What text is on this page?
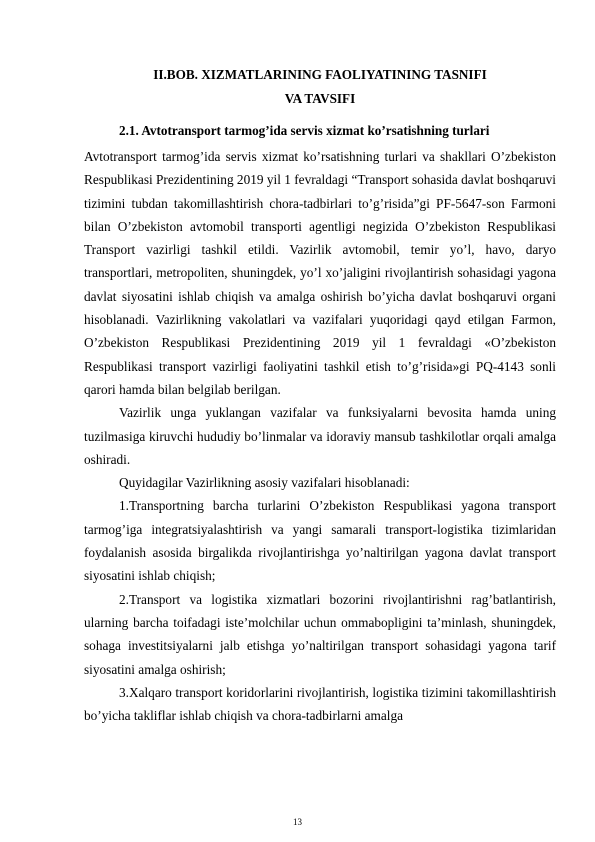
II.BOB. XIZMATLARINING FAOLIYATINING TASNIFI

VA TAVSIFI

2.1. Avtotransport tarmog’ida servis xizmat ko’rsatishning turlari

Avtotransport tarmog’ida servis xizmat ko’rsatishning turlari va shakllari O’zbekiston Respublikasi Prezidentining 2019 yil 1 fevraldagi “Transport sohasida davlat boshqaruvi tizimini tubdan takomillashtirish chora-tadbirlari to’g’risida”gi PF-5647-son Farmoni bilan O’zbekiston avtomobil transporti agentligi negizida O’zbekiston Respublikasi Transport vazirligi tashkil etildi. Vazirlik avtomobil, temir yo’l, havo, daryo transportlari, metropoliten, shuningdek, yo’l xo’jaligini rivojlantirish sohasidagi yagona davlat siyosatini ishlab chiqish va amalga oshirish bo’yicha davlat boshqaruvi organi hisoblanadi. Vazirlikning vakolatlari va vazifalari yuqoridagi qayd etilgan Farmon, O’zbekiston Respublikasi Prezidentining 2019 yil 1 fevraldagi «O’zbekiston Respublikasi transport vazirligi faoliyatini tashkil etish to’g’risida»gi PQ-4143 sonli qarori hamda bilan belgilab berilgan.

Vazirlik unga yuklangan vazifalar va funksiyalarni bevosita hamda uning tuzilmasiga kiruvchi hududiy bo’linmalar va idoraviy mansub tashkilotlar orqali amalga oshiradi.

Quyidagilar Vazirlikning asosiy vazifalari hisoblanadi:

1.Transportning barcha turlarini O’zbekiston Respublikasi yagona transport tarmog’iga integratsiyalashtirish va yangi samarali transport-logistika tizimlaridan foydalanish asosida birgalikda rivojlantirishga yo’naltirilgan yagona davlat transport siyosatini ishlab chiqish;

2.Transport va logistika xizmatlari bozorini rivojlantirishni rag’batlantirish, ularning barcha toifadagi iste’molchilar uchun ommabopligini ta’minlash, shuningdek, sohaga investitsiyalarni jalb etishga yo’naltirilgan transport sohasidagi yagona tarif siyosatini amalga oshirish;

3.Xalqaro transport koridorlarini rivojlantirish, logistika tizimini takomillashtirish bo’yicha takliflar ishlab chiqish va chora-tadbirlarni amalga

13
